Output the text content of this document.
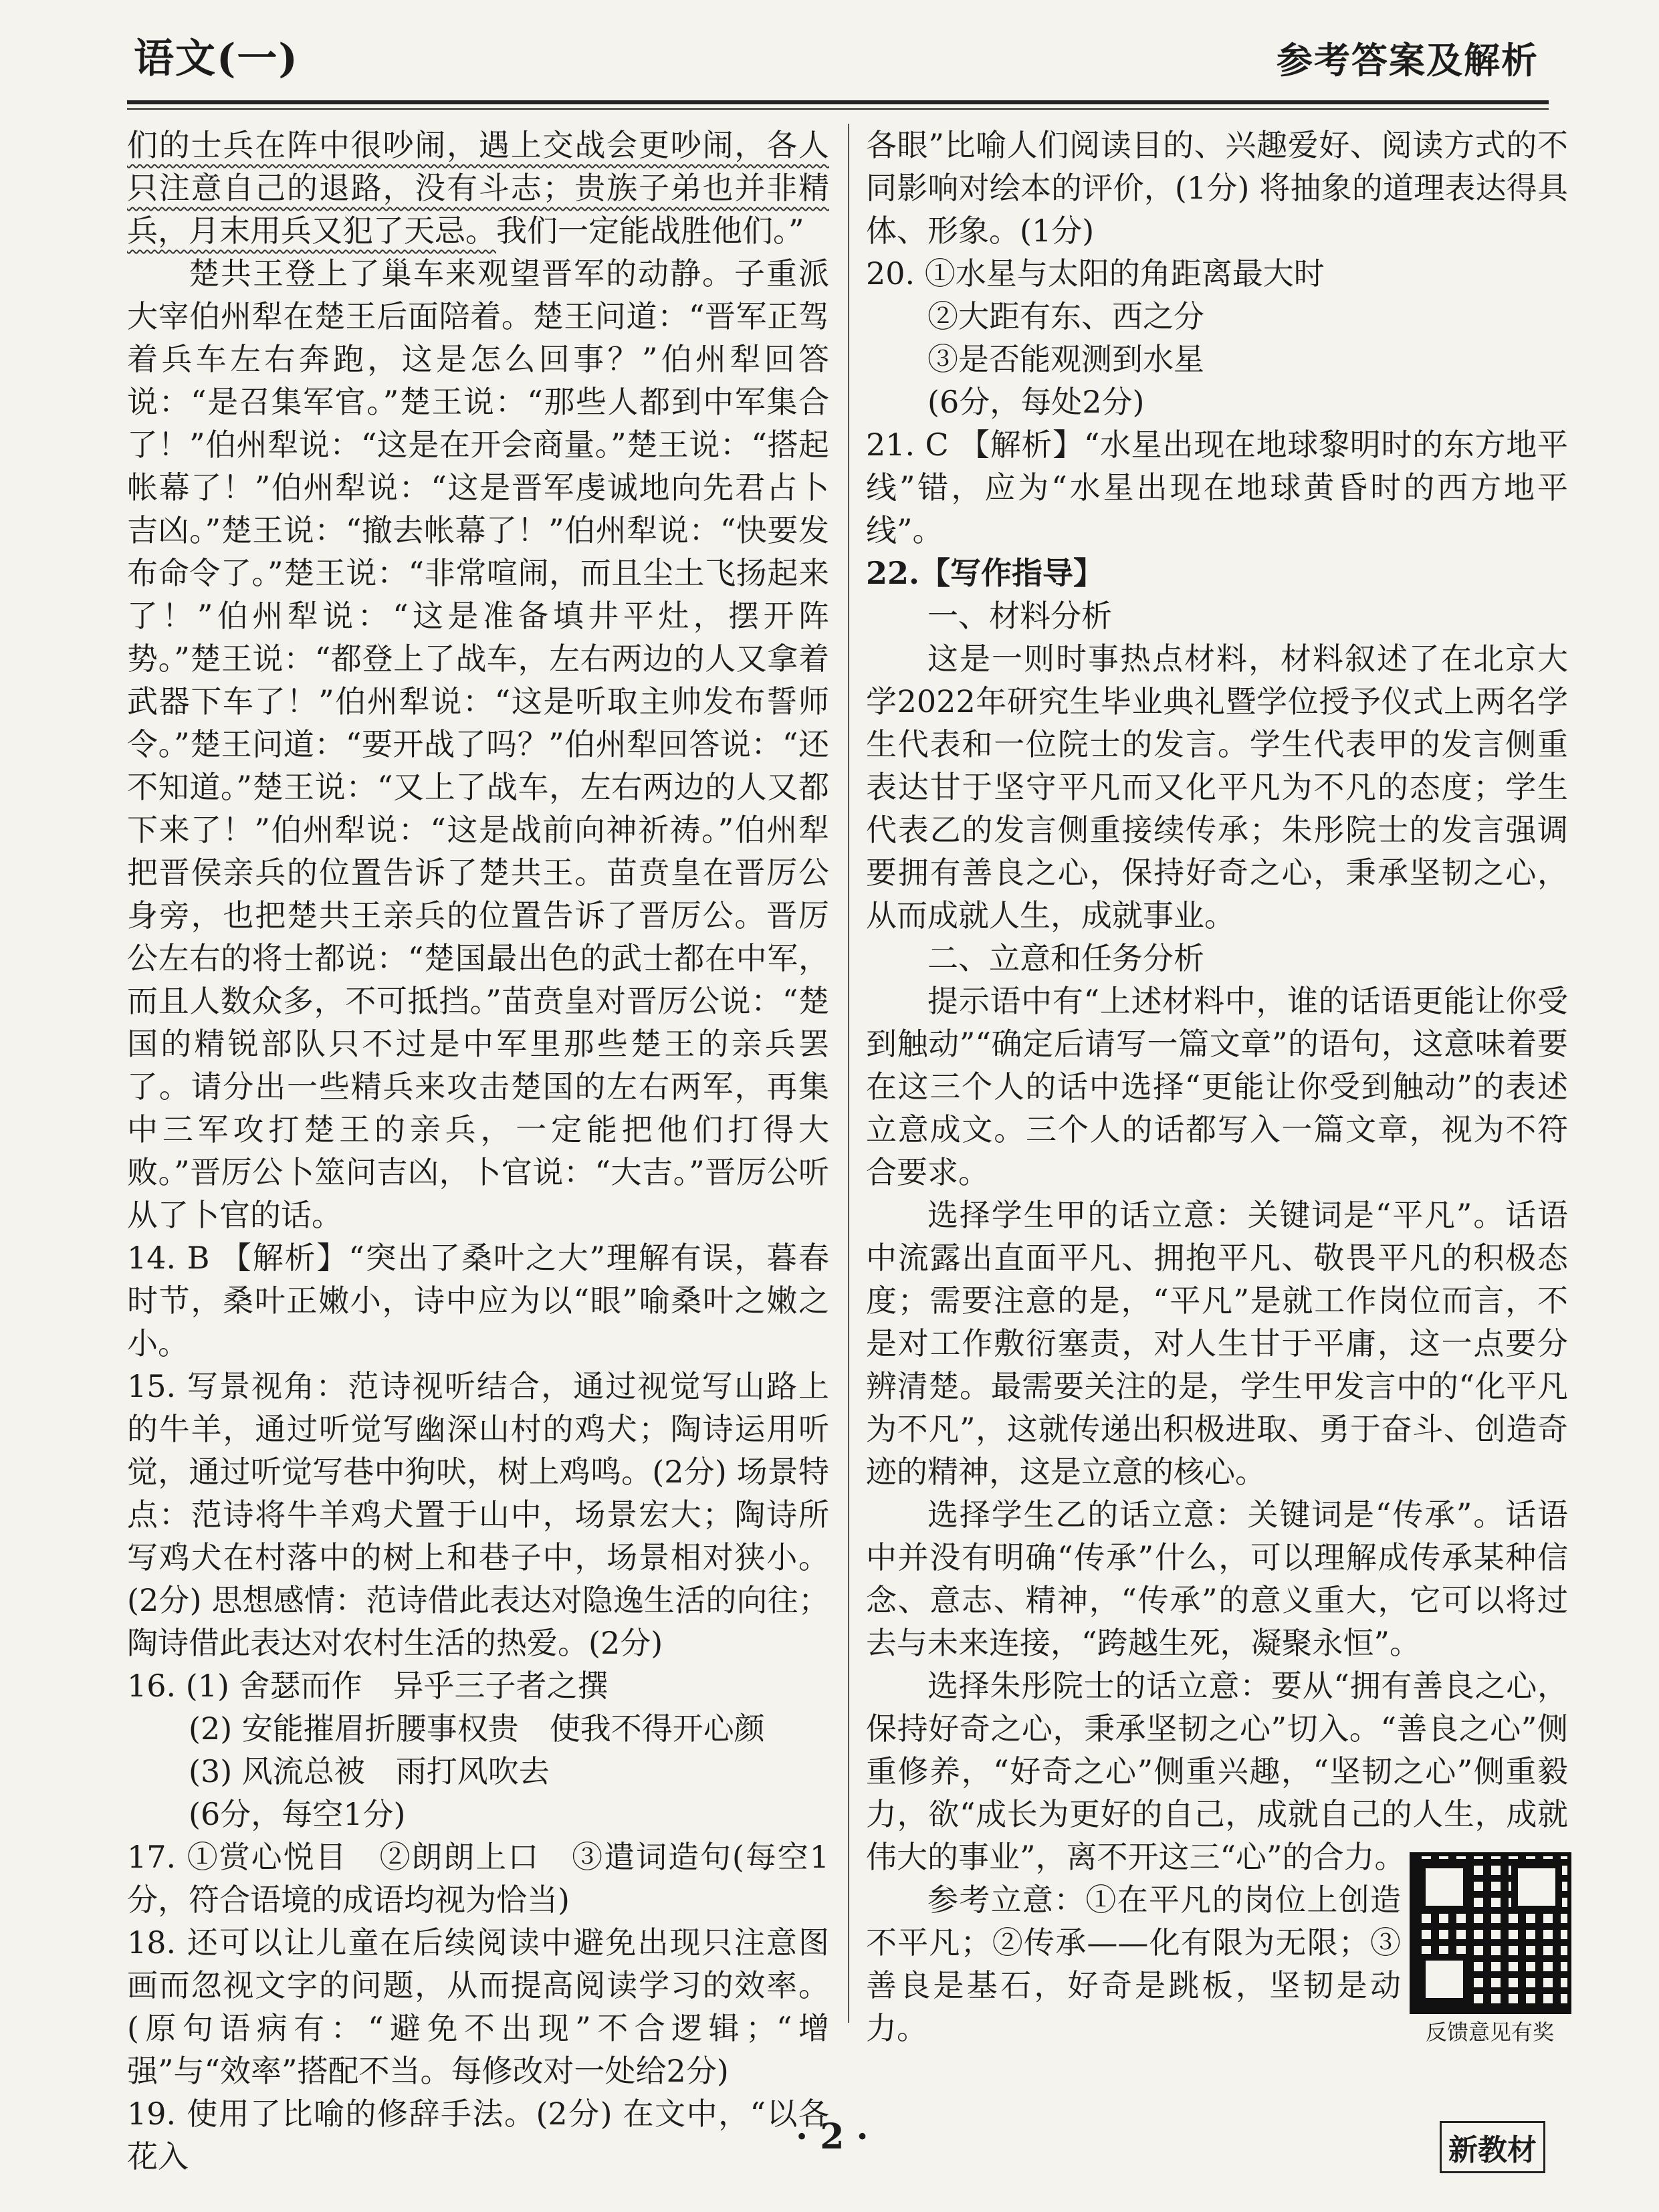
语文(一)	参考答案及解析

们的士兵在阵中很吵闹，遇上交战会更吵闹，各人只注意自己的退路，没有斗志；贵族子弟也并非精兵，月末用兵又犯了天忌。我们一定能战胜他们。”

楚共王登上了巢车来观望晋军的动静。子重派大宰伯州犁在楚王后面陪着。楚王问道：“晋军正驾着兵车左右奔跑，这是怎么回事？”伯州犁回答说：“是召集军官。”楚王说：“那些人都到中军集合了！”伯州犁说：“这是在开会商量。”楚王说：“搭起帐幕了！”伯州犁说：“这是晋军虔诚地向先君占卜吉凶。”楚王说：“撤去帐幕了！”伯州犁说：“快要发布命令了。”楚王说：“非常喧闹，而且尘土飞扬起来了！”伯州犁说：“这是准备填井平灶，摆开阵势。”楚王说：“都登上了战车，左右两边的人又拿着武器下车了！”伯州犁说：“这是听取主帅发布誓师令。”楚王问道：“要开战了吗？”伯州犁回答说：“还不知道。”楚王说：“又上了战车，左右两边的人又都下来了！”伯州犁说：“这是战前向神祈祷。”伯州犁把晋侯亲兵的位置告诉了楚共王。苗贲皇在晋厉公身旁，也把楚共王亲兵的位置告诉了晋厉公。晋厉公左右的将士都说：“楚国最出色的武士都在中军，而且人数众多，不可抵挡。”苗贲皇对晋厉公说：“楚国的精锐部队只不过是中军里那些楚王的亲兵罢了。请分出一些精兵来攻击楚国的左右两军，再集中三军攻打楚王的亲兵，一定能把他们打得大败。”晋厉公卜筮问吉凶，卜官说：“大吉。”晋厉公听从了卜官的话。

14. B 【解析】“突出了桑叶之大”理解有误，暮春时节，桑叶正嫩小，诗中应为以“眼”喻桑叶之嫩之小。

15. 写景视角：范诗视听结合，通过视觉写山路上的牛羊，通过听觉写幽深山村的鸡犬；陶诗运用听觉，通过听觉写巷中狗吠，树上鸡鸣。(2分) 场景特点：范诗将牛羊鸡犬置于山中，场景宏大；陶诗所写鸡犬在村落中的树上和巷子中，场景相对狭小。(2分) 思想感情：范诗借此表达对隐逸生活的向往；陶诗借此表达对农村生活的热爱。(2分)

16. (1) 舍瑟而作　异乎三子者之撰

(2) 安能摧眉折腰事权贵　使我不得开心颜

(3) 风流总被　雨打风吹去

(6分，每空1分)

17. ①赏心悦目　②朗朗上口　③遣词造句(每空1分，符合语境的成语均视为恰当)

18. 还可以让儿童在后续阅读中避免出现只注意图画而忽视文字的问题，从而提高阅读学习的效率。(原句语病有：“避免不出现”不合逻辑；“增强”与“效率”搭配不当。每修改对一处给2分)

19. 使用了比喻的修辞手法。(2分) 在文中，“以各花入

各眼”比喻人们阅读目的、兴趣爱好、阅读方式的不同影响对绘本的评价，(1分) 将抽象的道理表达得具体、形象。(1分)

20. ①水星与太阳的角距离最大时

②大距有东、西之分

③是否能观测到水星

(6分，每处2分)

21. C 【解析】“水星出现在地球黎明时的东方地平线”错，应为“水星出现在地球黄昏时的西方地平线”。

22.【写作指导】

一、材料分析

这是一则时事热点材料，材料叙述了在北京大学2022年研究生毕业典礼暨学位授予仪式上两名学生代表和一位院士的发言。学生代表甲的发言侧重表达甘于坚守平凡而又化平凡为不凡的态度；学生代表乙的发言侧重接续传承；朱彤院士的发言强调要拥有善良之心，保持好奇之心，秉承坚韧之心，从而成就人生，成就事业。

二、立意和任务分析

提示语中有“上述材料中，谁的话语更能让你受到触动”“确定后请写一篇文章”的语句，这意味着要在这三个人的话中选择“更能让你受到触动”的表述立意成文。三个人的话都写入一篇文章，视为不符合要求。

选择学生甲的话立意：关键词是“平凡”。话语中流露出直面平凡、拥抱平凡、敬畏平凡的积极态度；需要注意的是，“平凡”是就工作岗位而言，不是对工作敷衍塞责，对人生甘于平庸，这一点要分辨清楚。最需要关注的是，学生甲发言中的“化平凡为不凡”，这就传递出积极进取、勇于奋斗、创造奇迹的精神，这是立意的核心。

选择学生乙的话立意：关键词是“传承”。话语中并没有明确“传承”什么，可以理解成传承某种信念、意志、精神，“传承”的意义重大，它可以将过去与未来连接，“跨越生死，凝聚永恒”。

选择朱彤院士的话立意：要从“拥有善良之心，保持好奇之心，秉承坚韧之心”切入。“善良之心”侧重修养，“好奇之心”侧重兴趣，“坚韧之心”侧重毅力，欲“成长为更好的自己，成就自己的人生，成就伟大的事业”，离不开这三“心”的合力。

参考立意：①在平凡的岗位上创造不平凡；②传承——化有限为无限；③善良是基石，好奇是跳板，坚韧是动力。	反馈意见有奖
· 2 ·	新教材
